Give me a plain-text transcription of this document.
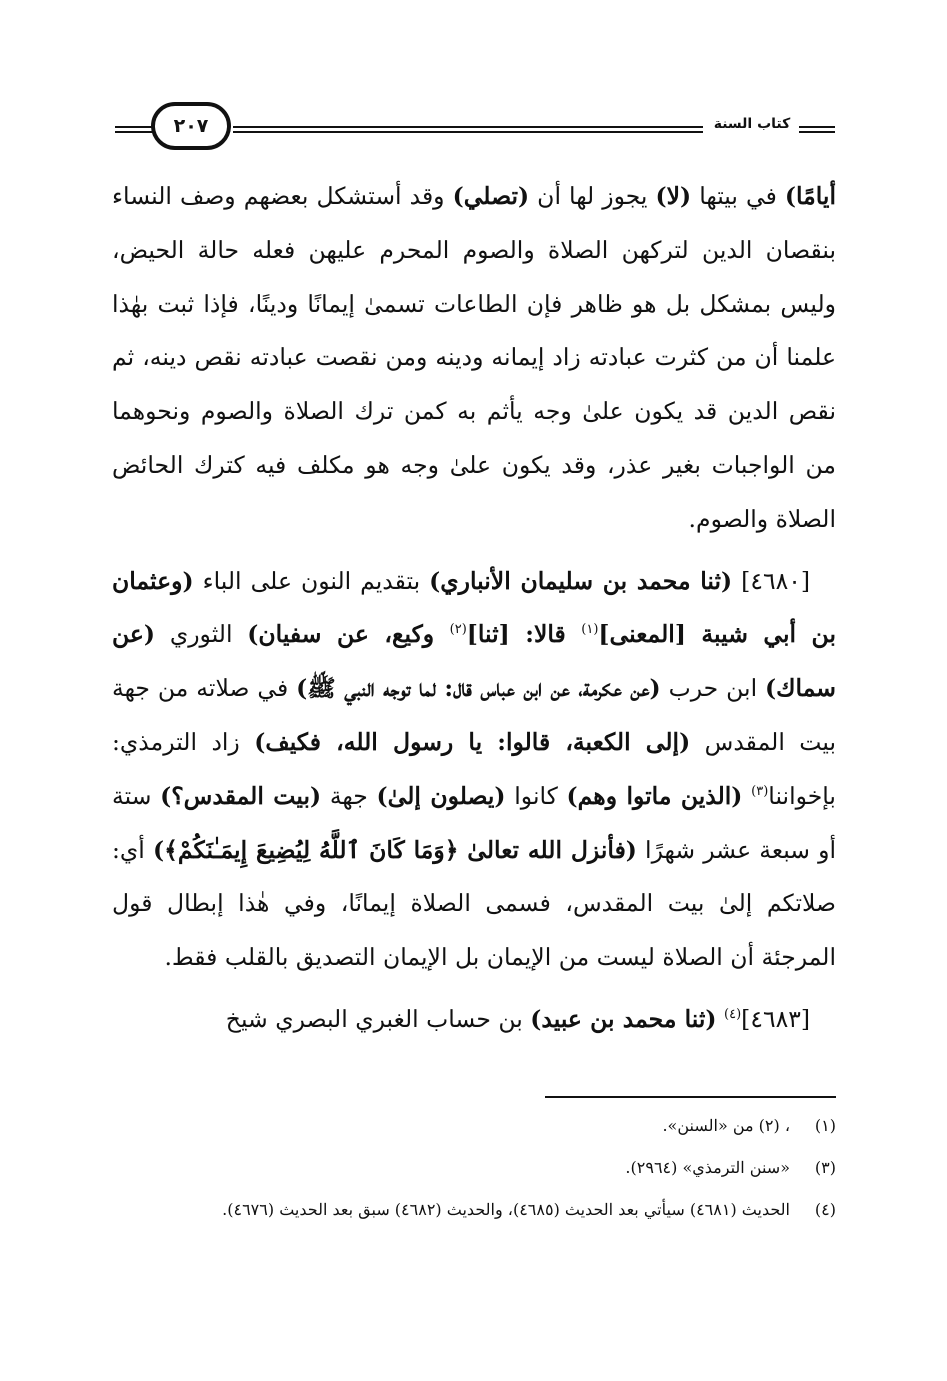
٢٠٧	كتاب السنة

أيامًا) في بيتها (لا) يجوز لها أن (تصلي) وقد أستشكل بعضهم وصف النساء بنقصان الدين لتركهن الصلاة والصوم المحرم عليهن فعله حالة الحيض، وليس بمشكل بل هو ظاهر فإن الطاعات تسمىٰ إيمانًا ودينًا، فإذا ثبت بهٰذا علمنا أن من كثرت عبادته زاد إيمانه ودينه ومن نقصت عبادته نقص دينه، ثم نقص الدين قد يكون علىٰ وجه يأثم به كمن ترك الصلاة والصوم ونحوهما من الواجبات بغير عذر، وقد يكون علىٰ وجه هو مكلف فيه كترك الحائض الصلاة والصوم.

[٤٦٨٠] (ثنا محمد بن سليمان الأنباري) بتقديم النون على الباء (وعثمان بن أبي شيبة [المعنى]$^{(١)}$ قالا: [ثنا]$^{(٢)}$ وكيع، عن سفيان) الثوري (عن سماك) ابن حرب (عن عكرمة، عن ابن عباس قال: لما توجه النبي ﷺ) في صلاته من جهة بيت المقدس (إلى الكعبة، قالوا: يا رسول الله، فكيف) زاد الترمذي: بإخواننا$^{(٣)}$ (الذين ماتوا وهم) كانوا (يصلون إلىٰ) جهة (بيت المقدس؟) ستة أو سبعة عشر شهرًا (فأنزل الله تعالىٰ ﴿وَمَا كَانَ ٱللَّهُ لِيُضِيعَ إِيمَـٰنَكُمْ﴾) أي: صلاتكم إلىٰ بيت المقدس، فسمى الصلاة إيمانًا، وفي هٰذا إبطال قول المرجئة أن الصلاة ليست من الإيمان بل الإيمان التصديق بالقلب فقط.

[٤٦٨٣]$^{(٤)}$ (ثنا محمد بن عبيد) بن حساب الغبري البصري شيخ

(١)
، (٢) من «السنن».
(٣)
«سنن الترمذي» (٢٩٦٤).
(٤)
الحديث (٤٦٨١) سيأتي بعد الحديث (٤٦٨٥)، والحديث (٤٦٨٢) سبق بعد الحديث (٤٦٧٦).
